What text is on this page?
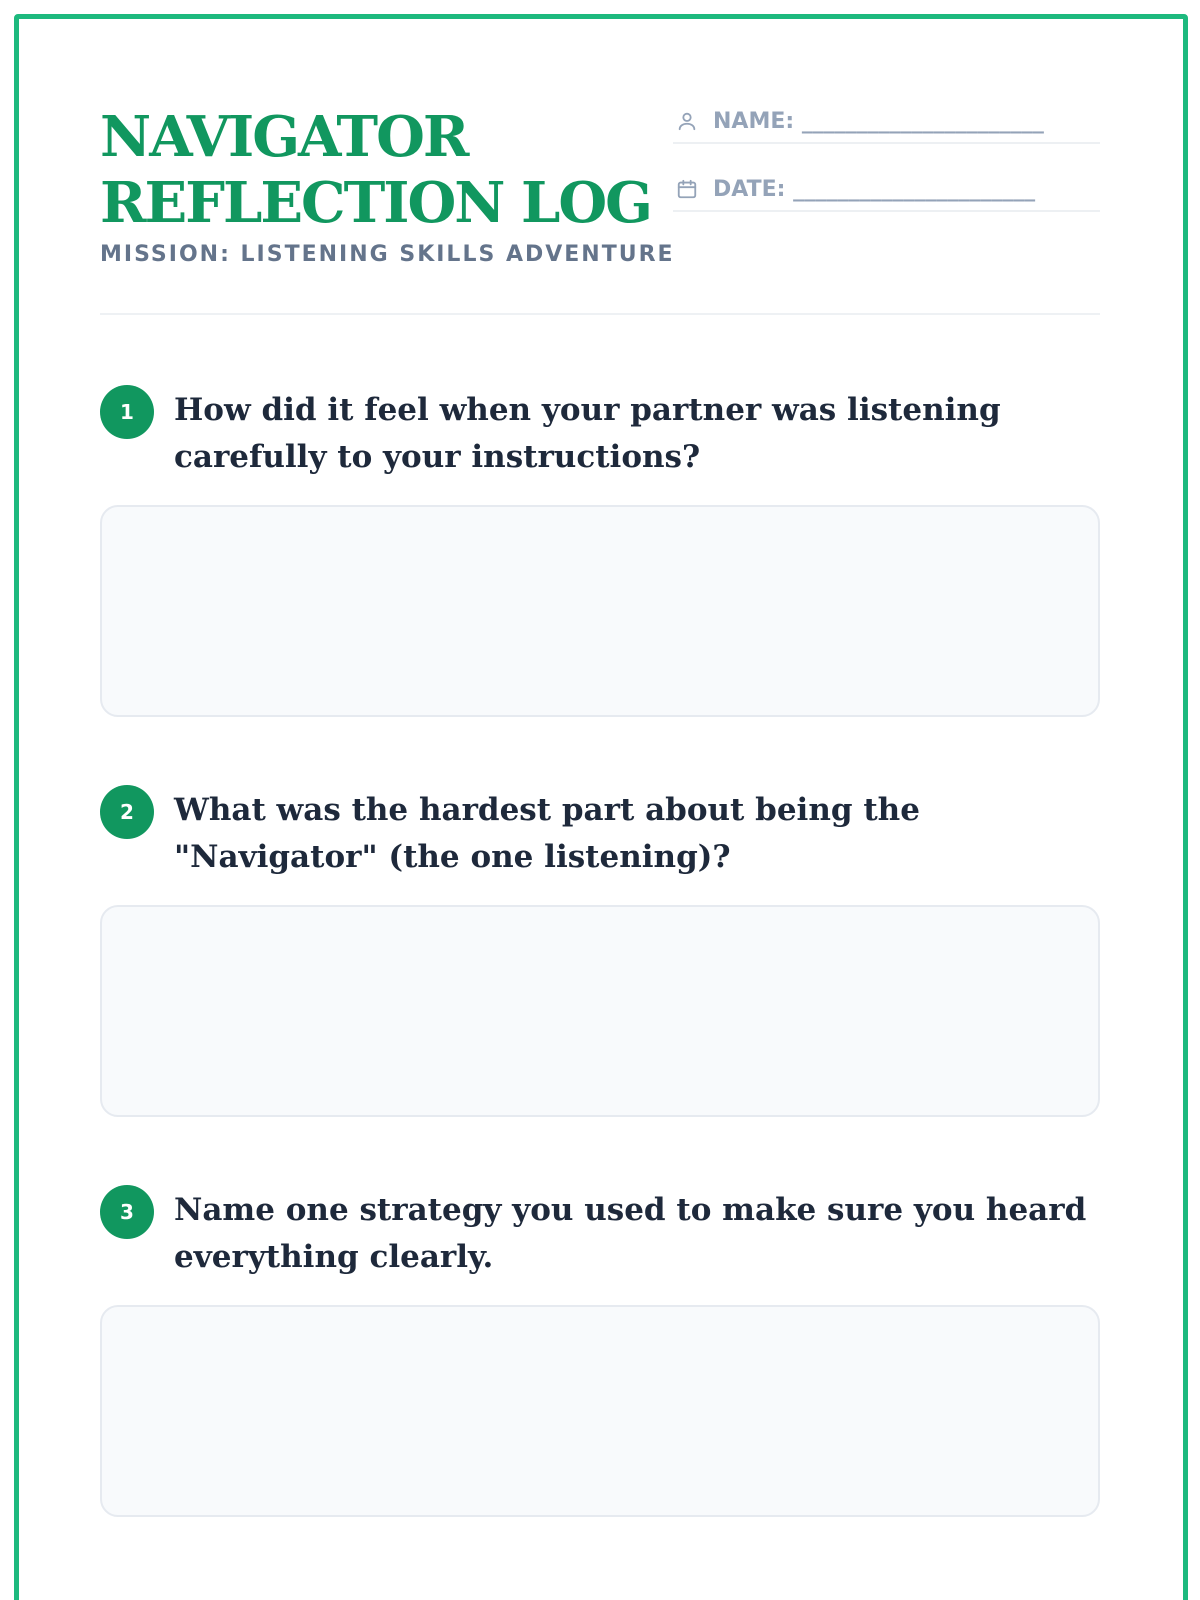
NAVIGATOR REFLECTION LOG
MISSION: LISTENING SKILLS ADVENTURE
NAME: ______________________
DATE: ______________________
1	How did it feel when your partner was listening carefully to your instructions?
2	What was the hardest part about being the "Navigator" (the one listening)?
3	Name one strategy you used to make sure you heard everything clearly.
